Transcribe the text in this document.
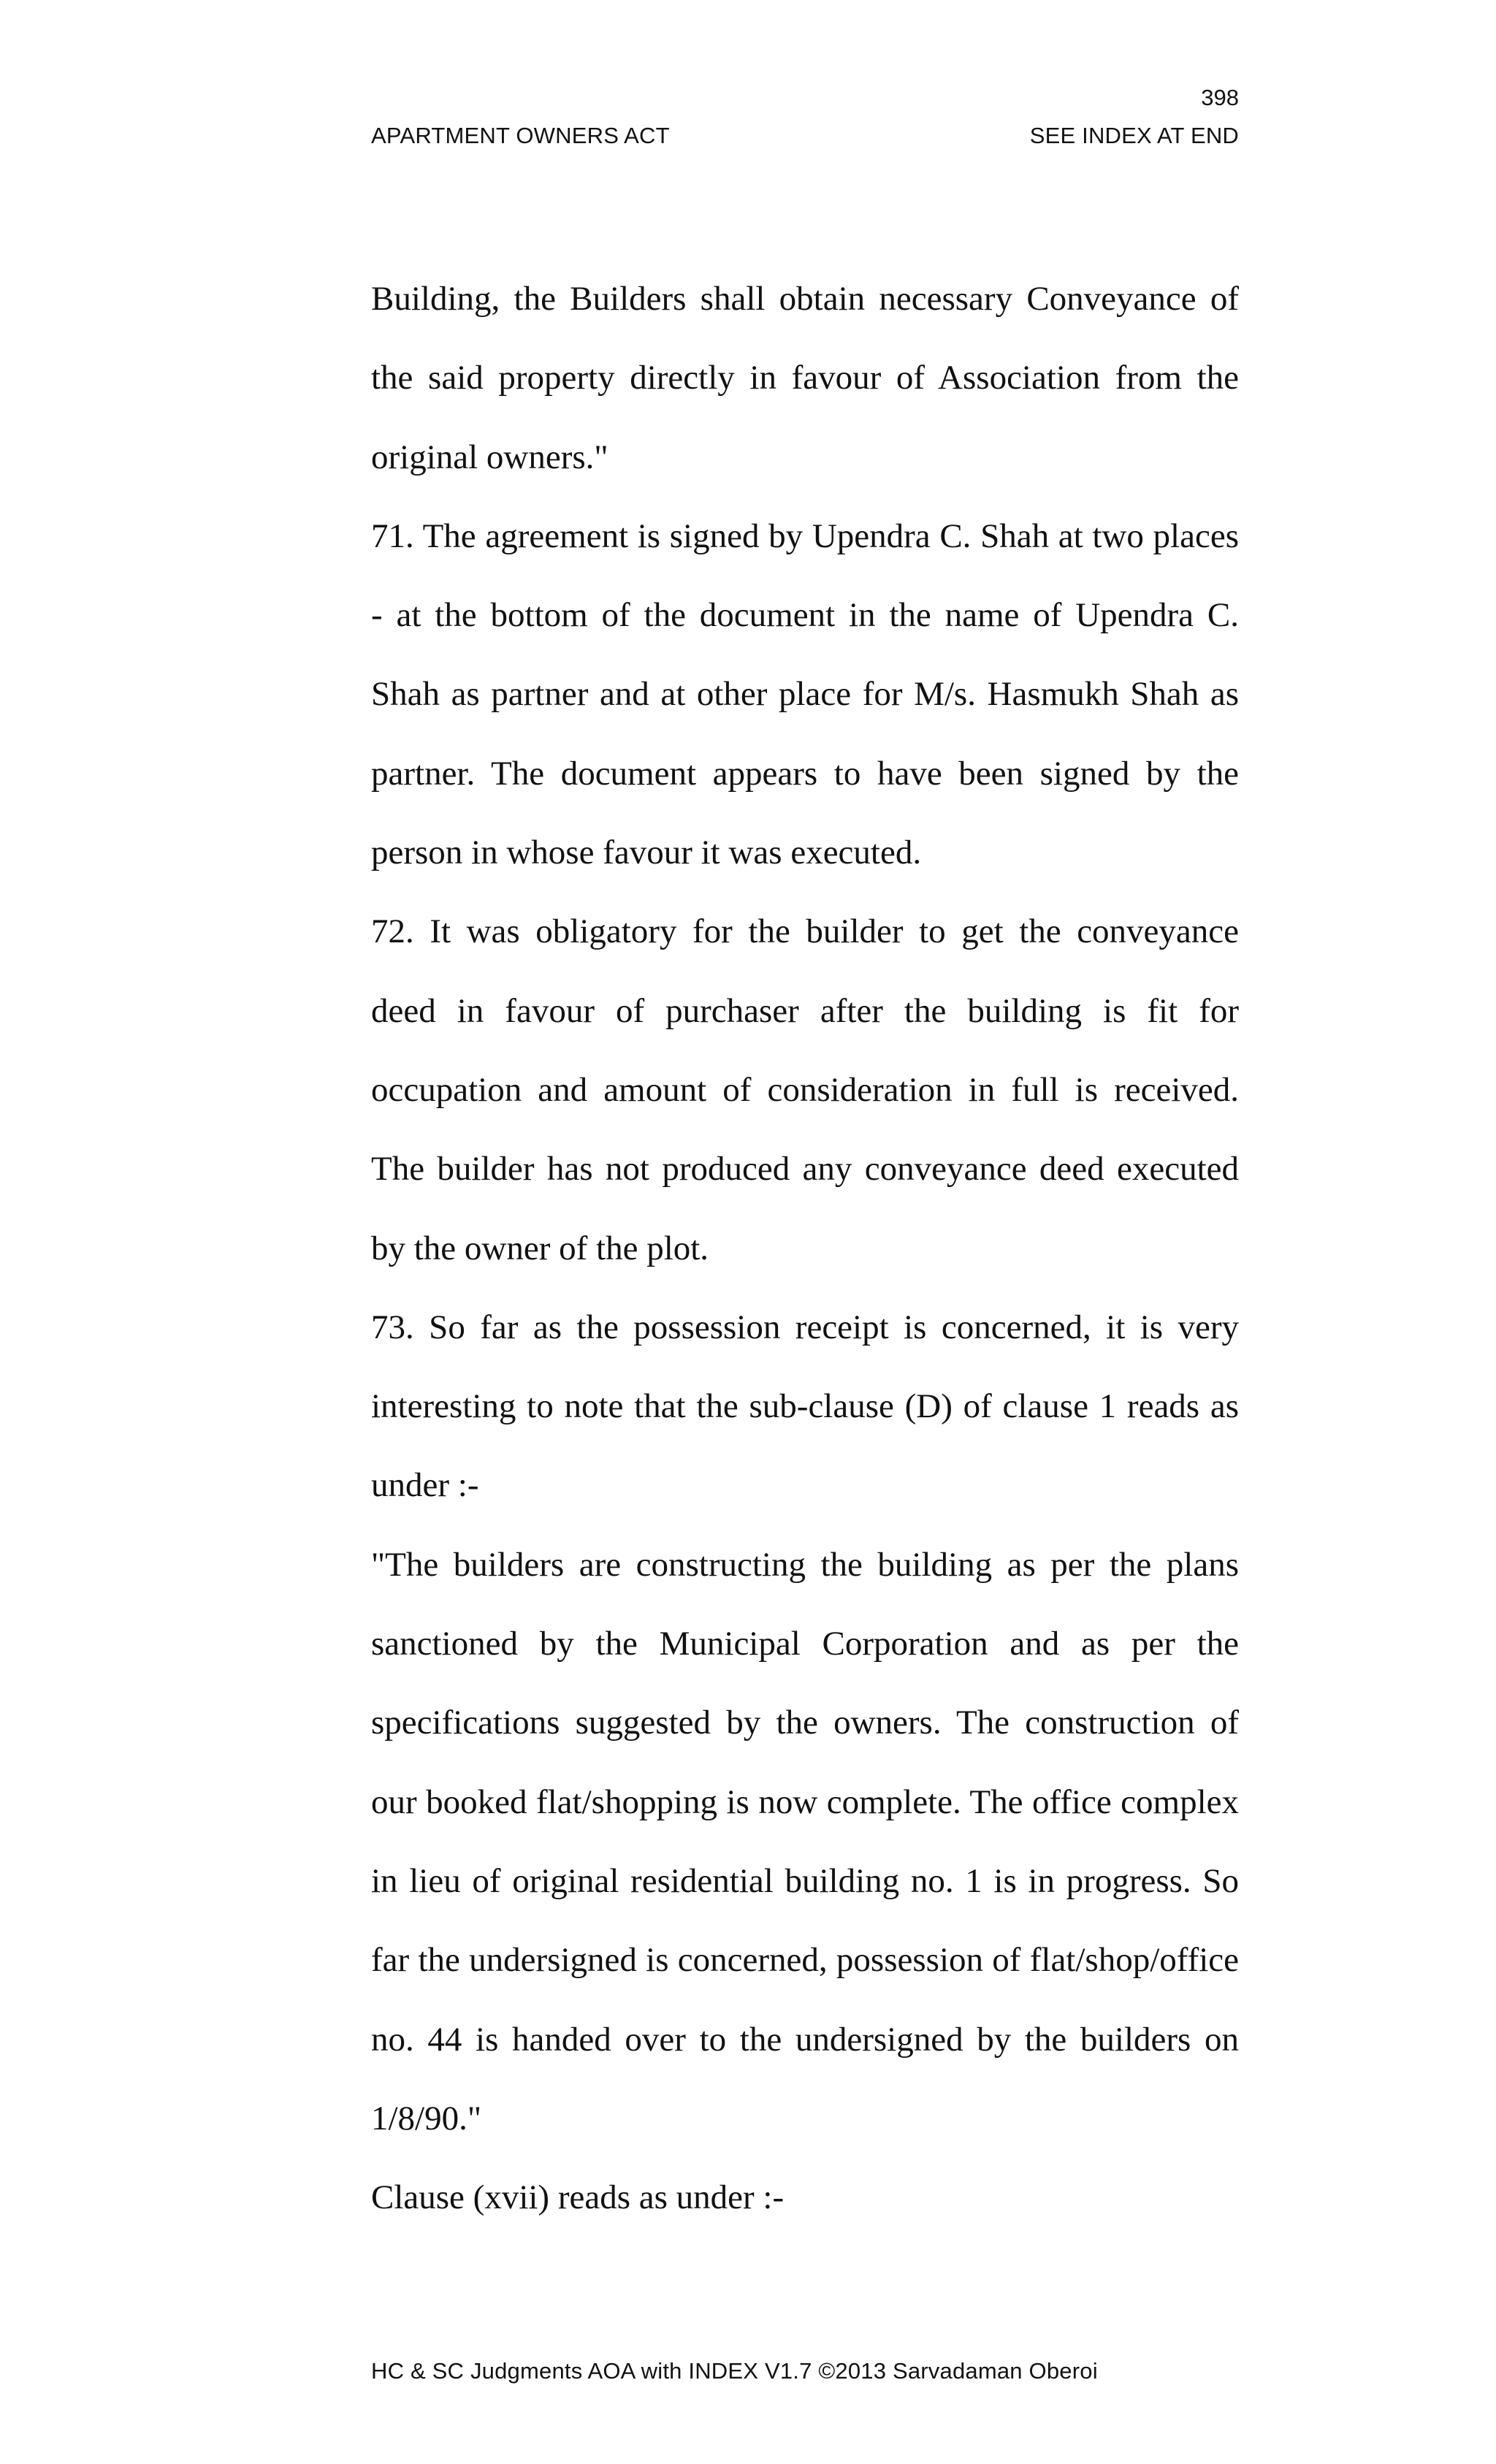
398
APARTMENT OWNERS ACT	SEE INDEX AT END

Building, the Builders shall obtain necessary Conveyance of the said property directly in favour of Association from the original owners."

71. The agreement is signed by Upendra C. Shah at two places - at the bottom of the document in the name of Upendra C. Shah as partner and at other place for M/s. Hasmukh Shah as partner. The document appears to have been signed by the person in whose favour it was executed.

72. It was obligatory for the builder to get the conveyance deed in favour of purchaser after the building is fit for occupation and amount of consideration in full is received. The builder has not produced any conveyance deed executed by the owner of the plot.

73. So far as the possession receipt is concerned, it is very interesting to note that the sub-clause (D) of clause 1 reads as under :-

"The builders are constructing the building as per the plans sanctioned by the Municipal Corporation and as per the specifications suggested by the owners. The construction of our booked flat/shopping is now complete. The office complex in lieu of original residential building no. 1 is in progress. So far the undersigned is concerned, possession of flat/shop/office no. 44 is handed over to the undersigned by the builders on 1/8/90."

Clause (xvii) reads as under :-

HC & SC Judgments AOA with INDEX V1.7 ©2013 Sarvadaman Oberoi
